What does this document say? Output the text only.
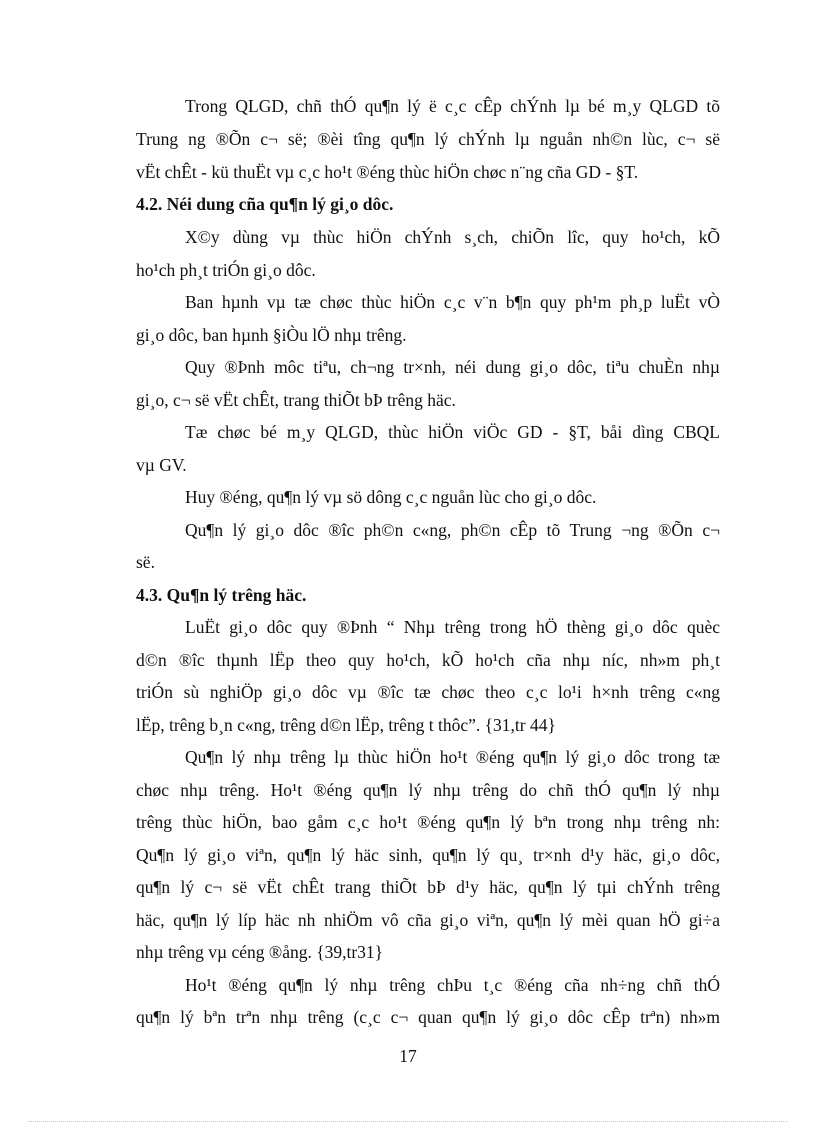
Trong QLGD, chñ thÓ qu¶n lý ë c¸c cÊp chÝnh lµ bé m¸y QLGD tõ
Trung ng ®Õn c¬ së; ®èi tîng qu¶n lý chÝnh lµ nguån nh©n lùc, c¬ së
vËt chÊt - kü thuËt vµ c¸c ho¹t ®éng thùc hiÖn chøc n¨ng cña GD - §T.
4.2. Néi dung cña qu¶n lý gi¸o dôc.
X©y dùng vµ thùc hiÖn chÝnh s¸ch, chiÕn lîc, quy ho¹ch, kÕ
ho¹ch ph¸t triÓn gi¸o dôc.
Ban hµnh vµ tæ chøc thùc hiÖn c¸c v¨n b¶n quy ph¹m ph¸p luËt vÒ
gi¸o dôc, ban hµnh §iÒu lÖ nhµ trêng.
Quy ®Þnh môc tiªu, ch¬ng tr×nh, néi dung gi¸o dôc, tiªu chuÈn nhµ
gi¸o, c¬ së vËt chÊt, trang thiÕt bÞ trêng häc.
Tæ chøc bé m¸y QLGD, thùc hiÖn viÖc GD - §T, båi dìng CBQL
vµ GV.
Huy ®éng, qu¶n lý vµ sö dông c¸c nguån lùc cho gi¸o dôc.
Qu¶n lý gi¸o dôc ®îc ph©n c«ng, ph©n cÊp tõ Trung ¬ng ®Õn c¬
së.
4.3. Qu¶n lý trêng häc.
LuËt gi¸o dôc quy ®Þnh “ Nhµ trêng trong hÖ thèng gi¸o dôc quèc
d©n ®îc thµnh lËp theo quy ho¹ch, kÕ ho¹ch cña nhµ níc, nh»m ph¸t
triÓn sù nghiÖp gi¸o dôc vµ ®îc tæ chøc theo c¸c lo¹i h×nh trêng c«ng
lËp, trêng b¸n c«ng, trêng d©n lËp, trêng t thôc”. {31,tr 44}
Qu¶n lý nhµ trêng lµ thùc hiÖn ho¹t ®éng qu¶n lý gi¸o dôc trong tæ
chøc nhµ trêng. Ho¹t ®éng qu¶n lý nhµ trêng do chñ thÓ qu¶n lý nhµ
trêng thùc hiÖn, bao gåm c¸c ho¹t ®éng qu¶n lý bªn trong nhµ trêng nh:
Qu¶n lý gi¸o viªn, qu¶n lý häc sinh, qu¶n lý qu¸ tr×nh d¹y häc, gi¸o dôc,
qu¶n lý c¬ së vËt chÊt trang thiÕt bÞ d¹y häc, qu¶n lý tµi chÝnh trêng
häc, qu¶n lý líp häc nh nhiÖm vô cña gi¸o viªn, qu¶n lý mèi quan hÖ gi÷a
nhµ trêng vµ céng ®ång. {39,tr31}
Ho¹t ®éng qu¶n lý nhµ trêng chÞu t¸c ®éng cña nh÷ng chñ thÓ
qu¶n lý bªn trªn nhµ trêng (c¸c c¬ quan qu¶n lý gi¸o dôc cÊp trªn) nh»m
17
